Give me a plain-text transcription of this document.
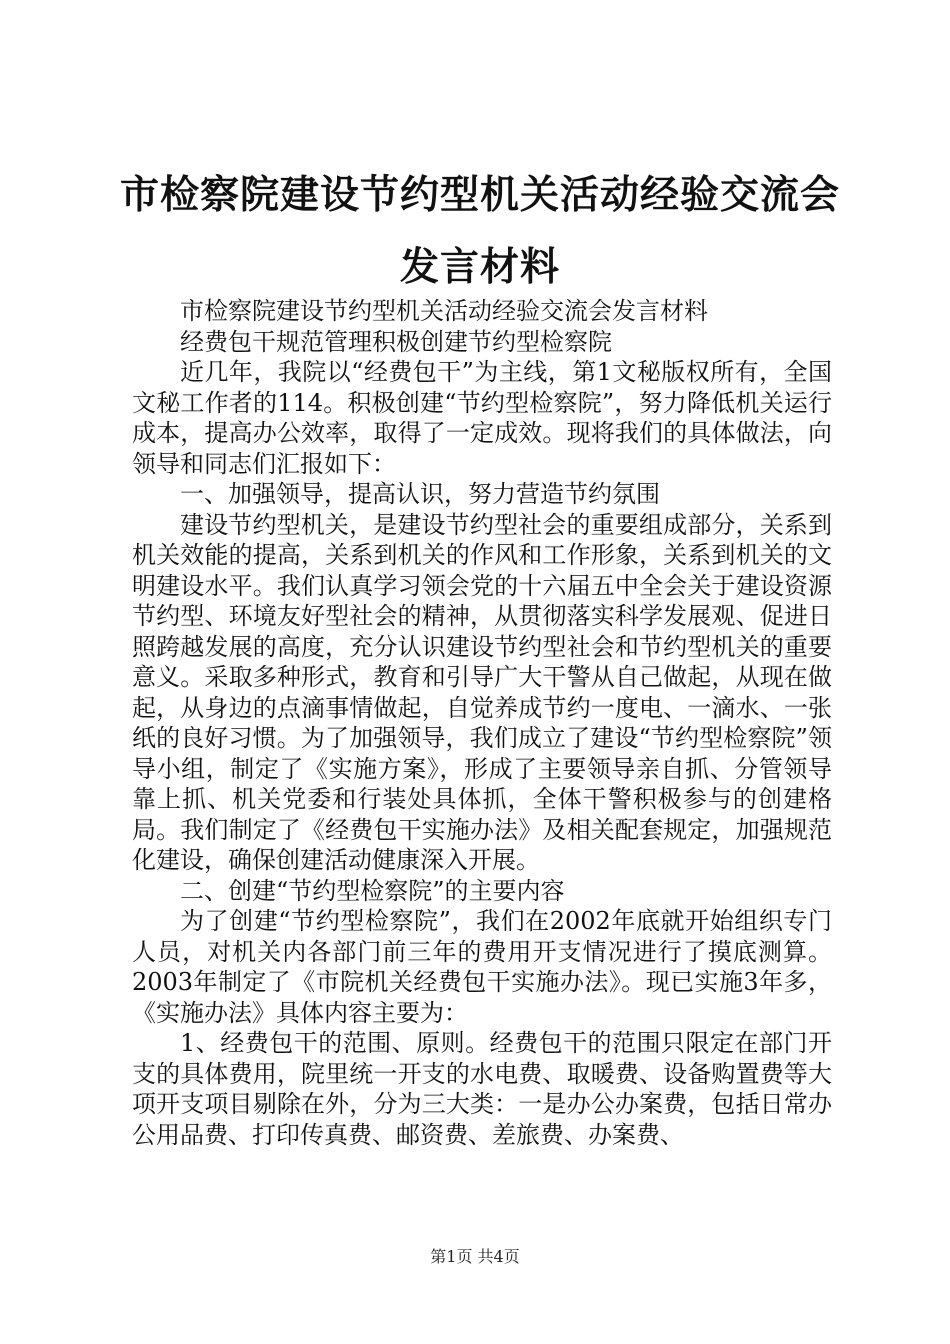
市检察院建设节约型机关活动经验交流会发言材料

市检察院建设节约型机关活动经验交流会发言材料

经费包干规范管理积极创建节约型检察院

近几年，我院以“经费包干”为主线，第1文秘版权所有，全国文秘工作者的114。积极创建“节约型检察院”，努力降低机关运行成本，提高办公效率，取得了一定成效。现将我们的具体做法，向领导和同志们汇报如下：

一、加强领导，提高认识，努力营造节约氛围

建设节约型机关，是建设节约型社会的重要组成部分，关系到机关效能的提高，关系到机关的作风和工作形象，关系到机关的文明建设水平。我们认真学习领会党的十六届五中全会关于建设资源节约型、环境友好型社会的精神，从贯彻落实科学发展观、促进日照跨越发展的高度，充分认识建设节约型社会和节约型机关的重要意义。采取多种形式，教育和引导广大干警从自己做起，从现在做起，从身边的点滴事情做起，自觉养成节约一度电、一滴水、一张纸的良好习惯。为了加强领导，我们成立了建设“节约型检察院”领导小组，制定了《实施方案》，形成了主要领导亲自抓、分管领导靠上抓、机关党委和行装处具体抓，全体干警积极参与的创建格局。我们制定了《经费包干实施办法》及相关配套规定，加强规范化建设，确保创建活动健康深入开展。

二、创建“节约型检察院”的主要内容

为了创建“节约型检察院”，我们在2002年底就开始组织专门人员，对机关内各部门前三年的费用开支情况进行了摸底测算。2003年制定了《市院机关经费包干实施办法》。现已实施3年多，《实施办法》具体内容主要为：

1、经费包干的范围、原则。经费包干的范围只限定在部门开支的具体费用，院里统一开支的水电费、取暖费、设备购置费等大项开支项目剔除在外，分为三大类：一是办公办案费，包括日常办公用品费、打印传真费、邮资费、差旅费、办案费、

第1页 共4页
